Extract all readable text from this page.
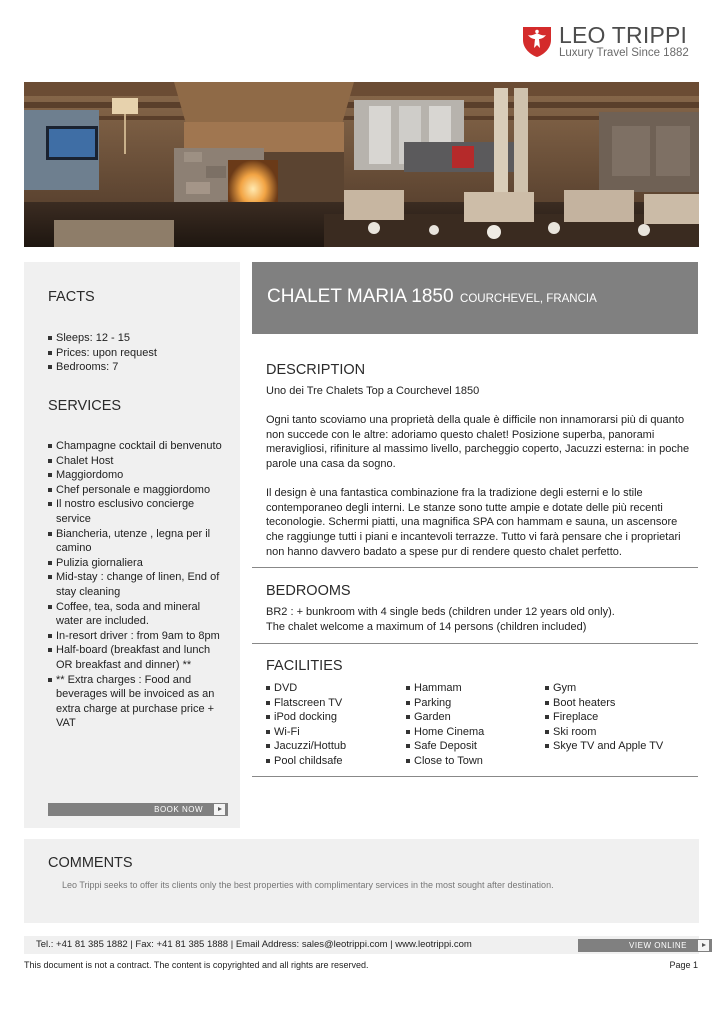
LEO TRIPPI
Luxury Travel Since 1882
FACTS
Sleeps: 12 - 15
Prices: upon request
Bedrooms: 7
SERVICES
Champagne cocktail di benvenuto
Chalet Host
Maggiordomo
Chef personale e maggiordomo
Il nostro esclusivo concierge service
Biancheria, utenze , legna per il camino
Pulizia giornaliera
Mid-stay : change of linen, End of stay cleaning
Coffee, tea, soda and mineral water are included.
In-resort driver : from 9am to 8pm
Half-board (breakfast and lunch OR breakfast and dinner) **
** Extra charges : Food and beverages will be invoiced as an extra charge at purchase price + VAT
BOOK NOW
CHALET MARIA 1850 COURCHEVEL, FRANCIA
DESCRIPTION

Uno dei Tre Chalets Top a Courchevel 1850

Ogni tanto scoviamo una proprietà della quale è difficile non innamorarsi più di quanto non succede con le altre: adoriamo questo chalet! Posizione superba, panorami meravigliosi, rifiniture al massimo livello, parcheggio coperto, Jacuzzi esterna: in poche parole una casa da sogno.

Il design è una fantastica combinazione fra la tradizione degli esterni e lo stile contemporaneo degli interni. Le stanze sono tutte ampie e dotate delle più recenti teconologie. Schermi piatti, una magnifica SPA con hammam e sauna, un ascensore che raggiunge tutti i piani e incantevoli terrazze. Tutto vi farà pensare che i proprietari non hanno davvero badato a spese pur di rendere questo chalet perfetto.

BEDROOMS
BR2 : + bunkroom with 4 single beds (children under 12 years old only).
The chalet welcome a maximum of 14 persons (children included)
FACILITIES
DVD
Flatscreen TV
iPod docking
Wi-Fi
Jacuzzi/Hottub
Pool childsafe
Hammam
Parking
Garden
Home Cinema
Safe Deposit
Close to Town
Gym
Boot heaters
Fireplace
Ski room
Skye TV and Apple TV
COMMENTS
Leo Trippi seeks to offer its clients only the best properties with complimentary services in the most sought after destination.
Tel.: +41 81 385 1882 | Fax: +41 81 385 1888 | Email Address: sales@leotrippi.com | www.leotrippi.com	VIEW ONLINE
This document is not a contract. The content is copyrighted and all rights are reserved.	Page 1
